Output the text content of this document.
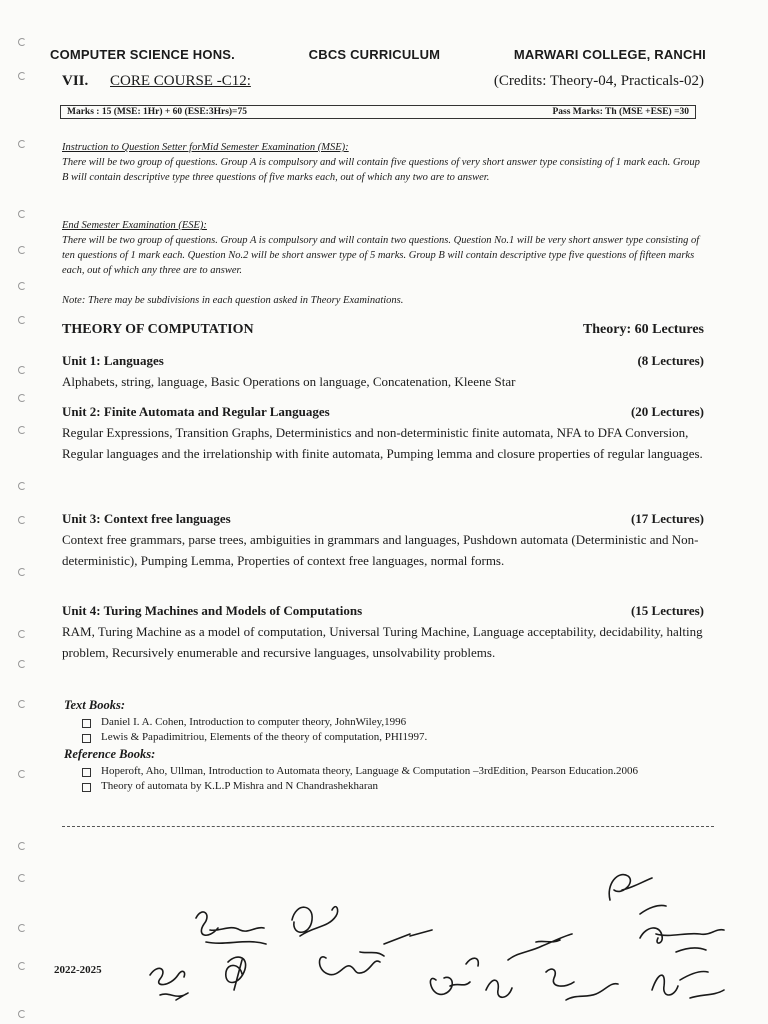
COMPUTER SCIENCE HONS.	CBCS CURRICULUM	MARWARI COLLEGE, RANCHI
VII. CORE COURSE -C12:	(Credits: Theory-04, Practicals-02)
Marks : 15 (MSE: 1Hr) + 60 (ESE:3Hrs)=75	Pass Marks: Th (MSE +ESE) =30
Instruction to Question Setter forMid Semester Examination (MSE):
There will be two group of questions. Group A is compulsory and will contain five questions of very short answer type consisting of 1 mark each. Group B will contain descriptive type three questions of five marks each, out of which any two are to answer.
End Semester Examination (ESE):
There will be two group of questions. Group A is compulsory and will contain two questions. Question No.1 will be very short answer type consisting of ten questions of 1 mark each. Question No.2 will be short answer type of 5 marks. Group B will contain descriptive type five questions of fifteen marks each, out of which any three are to answer.
Note: There may be subdivisions in each question asked in Theory Examinations.
THEORY OF COMPUTATION	Theory: 60 Lectures
Unit 1: Languages	(8 Lectures)
Alphabets, string, language, Basic Operations on language, Concatenation, Kleene Star
Unit 2: Finite Automata and Regular Languages	(20 Lectures)
Regular Expressions, Transition Graphs, Deterministics and non-deterministic finite automata, NFA to DFA Conversion, Regular languages and the irrelationship with finite automata, Pumping lemma and closure properties of regular languages.
Unit 3: Context free languages	(17 Lectures)
Context free grammars, parse trees, ambiguities in grammars and languages, Pushdown automata (Deterministic and Non-deterministic), Pumping Lemma, Properties of context free languages, normal forms.
Unit 4: Turing Machines and Models of Computations	(15 Lectures)
RAM, Turing Machine as a model of computation, Universal Turing Machine, Language acceptability, decidability, halting problem, Recursively enumerable and recursive languages, unsolvability problems.
Text Books:
Daniel I. A. Cohen, Introduction to computer theory, JohnWiley,1996
Lewis & Papadimitriou, Elements of the theory of computation, PHI1997.
Reference Books:
Hoperoft, Aho, Ullman, Introduction to Automata theory, Language & Computation –3rdEdition, Pearson Education.2006
Theory of automata by K.L.P Mishra and N Chandrashekharan
2022-2025
